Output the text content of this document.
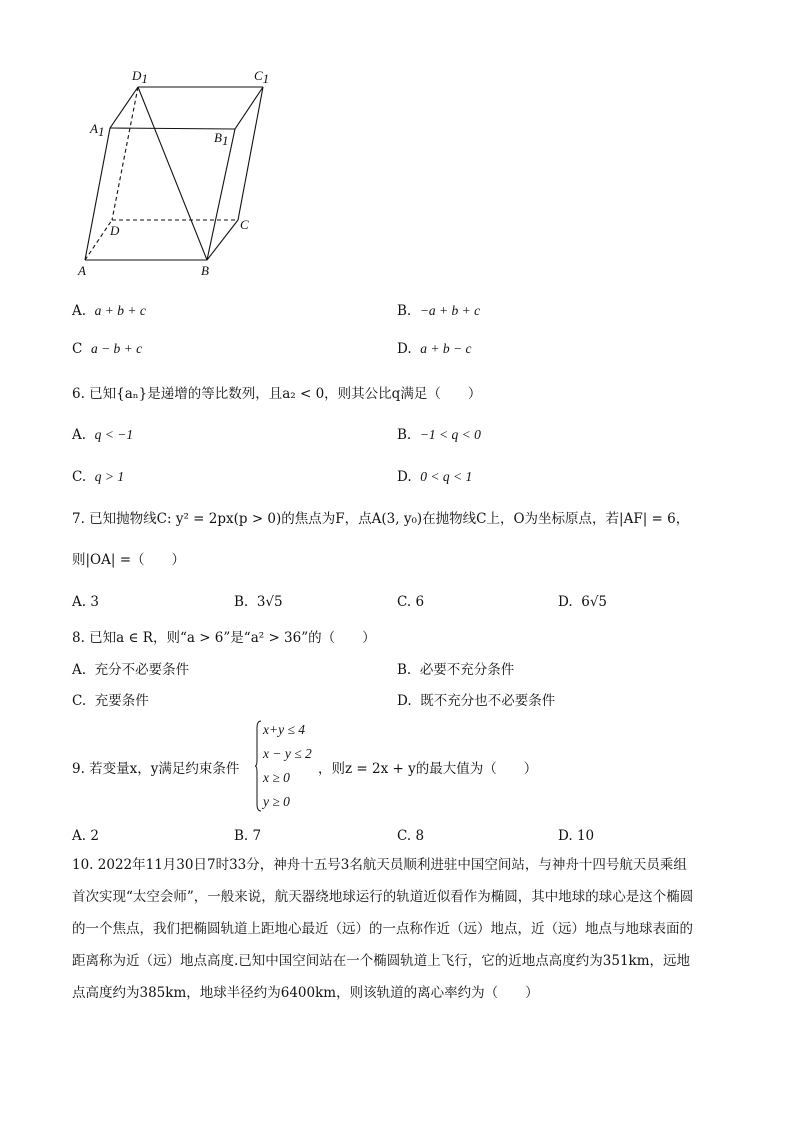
D1	C1
A1	B1
C
D
A	B
A. a + b + c	B. −a + b + c
C a − b + c	D. a + b − c
6. 已知{aₙ}是递增的等比数列，且a₂ < 0，则其公比q满足（　　）
A. q < −1	B. −1 < q < 0
C. q > 1	D. 0 < q < 1
7. 已知抛物线C: y² = 2px(p > 0)的焦点为F，点A(3, y₀)在抛物线C上，O为坐标原点，若|AF| = 6，
则|OA| =（　　）
A. 3	B. 3√5	C. 6	D. 6√5
8. 已知a ∈ R，则“a > 6”是“a² > 36”的（　　）
A. 充分不必要条件	B. 必要不充分条件
C. 充要条件	D. 既不充分也不必要条件
9. 若变量x，y满足约束条件
x+y ≤ 4
x − y ≤ 2
x ≥ 0
y ≥ 0
，则z = 2x + y的最大值为（　　）
A. 2	B. 7	C. 8	D. 10
10. 2022年11月30日7时33分，神舟十五号3名航天员顺利进驻中国空间站，与神舟十四号航天员乘组
首次实现“太空会师”，一般来说，航天器绕地球运行的轨道近似看作为椭圆，其中地球的球心是这个椭圆
的一个焦点，我们把椭圆轨道上距地心最近（远）的一点称作近（远）地点，近（远）地点与地球表面的
距离称为近（远）地点高度.已知中国空间站在一个椭圆轨道上飞行，它的近地点高度约为351km，远地
点高度约为385km，地球半径约为6400km，则该轨道的离心率约为（　　）
